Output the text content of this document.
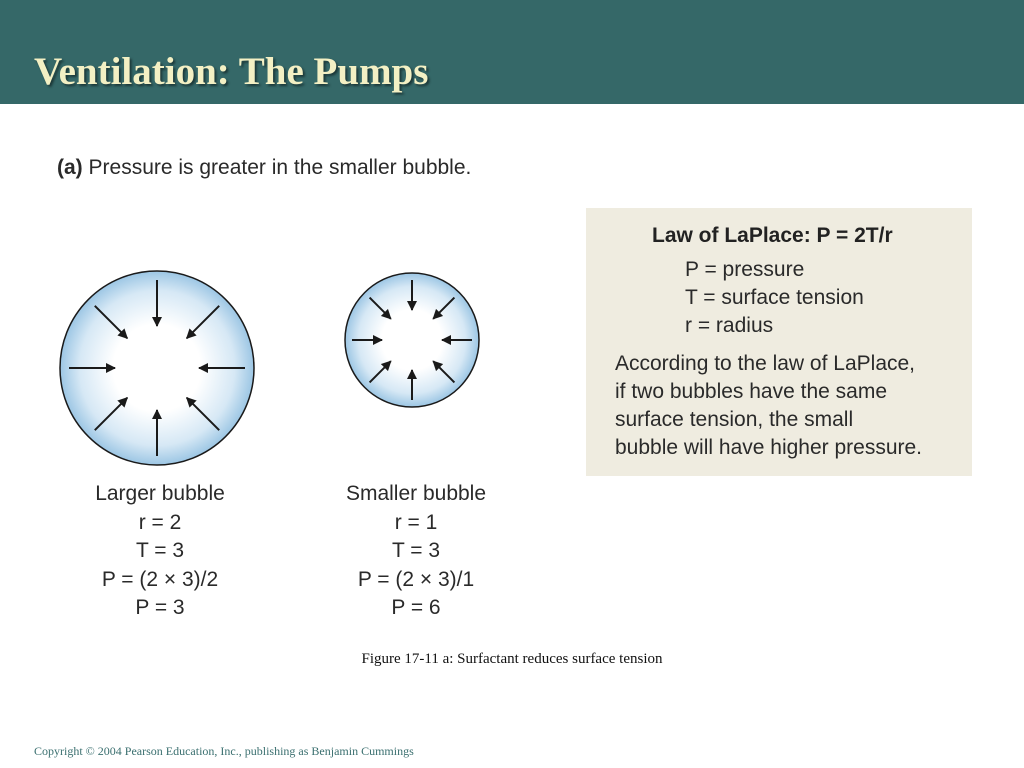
Ventilation: The Pumps
(a) Pressure is greater in the smaller bubble.
Larger bubble
r = 2
T = 3
P = (2 × 3)/2
P = 3
Smaller bubble
r = 1
T = 3
P = (2 × 3)/1
P = 6
Law of LaPlace: P = 2T/r
P = pressure
T = surface tension
r = radius
According to the law of LaPlace,
if two bubbles have the same
surface tension, the small
bubble will have higher pressure.
Figure 17-11 a: Surfactant reduces surface tension
Copyright © 2004 Pearson Education, Inc., publishing as Benjamin Cummings
